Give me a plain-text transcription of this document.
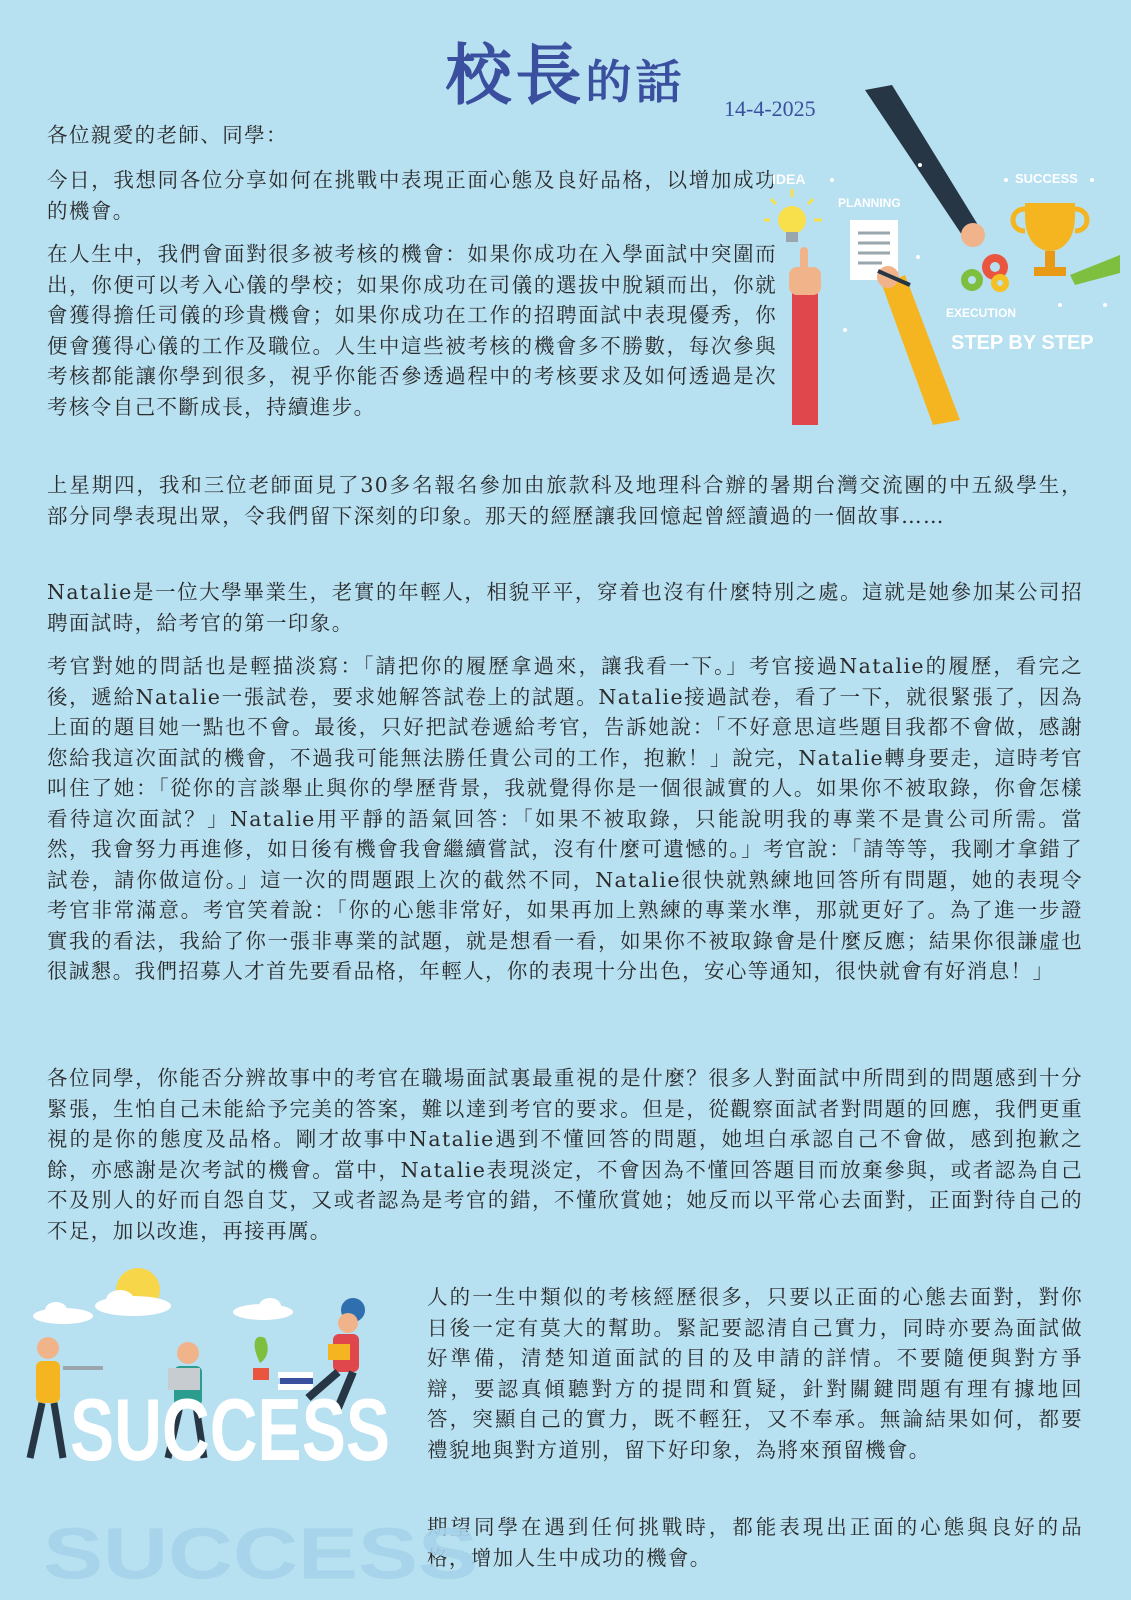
校長的話	14-4-2025

各位親愛的老師、同學：

今日，我想同各位分享如何在挑戰中表現正面心態及良好品格，以增加成功的機會。

在人生中，我們會面對很多被考核的機會：如果你成功在入學面試中突圍而出，你便可以考入心儀的學校；如果你成功在司儀的選拔中脫穎而出，你就會獲得擔任司儀的珍貴機會；如果你成功在工作的招聘面試中表現優秀，你便會獲得心儀的工作及職位。人生中這些被考核的機會多不勝數，每次參與考核都能讓你學到很多，視乎你能否參透過程中的考核要求及如何透過是次考核令自己不斷成長，持續進步。

上星期四，我和三位老師面見了30多名報名參加由旅款科及地理科合辦的暑期台灣交流團的中五級學生，部分同學表現出眾，令我們留下深刻的印象。那天的經歷讓我回憶起曾經讀過的一個故事……

Natalie是一位大學畢業生，老實的年輕人，相貌平平，穿着也沒有什麼特別之處。這就是她參加某公司招聘面試時，給考官的第一印象。

考官對她的問話也是輕描淡寫：「請把你的履歷拿過來，讓我看一下。」考官接過Natalie的履歷，看完之後，遞給Natalie一張試卷，要求她解答試卷上的試題。Natalie接過試卷，看了一下，就很緊張了，因為上面的題目她一點也不會。最後，只好把試卷遞給考官，告訴她說：「不好意思這些題目我都不會做，感謝您給我這次面試的機會，不過我可能無法勝任貴公司的工作，抱歉！」說完，Natalie轉身要走，這時考官叫住了她：「從你的言談舉止與你的學歷背景，我就覺得你是一個很誠實的人。如果你不被取錄，你會怎樣看待這次面試？」Natalie用平靜的語氣回答：「如果不被取錄，只能說明我的專業不是貴公司所需。當然，我會努力再進修，如日後有機會我會繼續嘗試，沒有什麼可遺憾的。」考官說：「請等等，我剛才拿錯了試卷，請你做這份。」這一次的問題跟上次的截然不同，Natalie很快就熟練地回答所有問題，她的表現令考官非常滿意。考官笑着說：「你的心態非常好，如果再加上熟練的專業水準，那就更好了。為了進一步證實我的看法，我給了你一張非專業的試題，就是想看一看，如果你不被取錄會是什麼反應；結果你很謙虛也很誠懇。我們招募人才首先要看品格，年輕人，你的表現十分出色，安心等通知，很快就會有好消息！」

各位同學，你能否分辨故事中的考官在職場面試裏最重視的是什麼？很多人對面試中所問到的問題感到十分緊張，生怕自己未能給予完美的答案，難以達到考官的要求。但是，從觀察面試者對問題的回應，我們更重視的是你的態度及品格。剛才故事中Natalie遇到不懂回答的問題，她坦白承認自己不會做，感到抱歉之餘，亦感謝是次考試的機會。當中，Natalie表現淡定，不會因為不懂回答題目而放棄參與，或者認為自己不及別人的好而自怨自艾，又或者認為是考官的錯，不懂欣賞她；她反而以平常心去面對，正面對待自己的不足，加以改進，再接再厲。

人的一生中類似的考核經歷很多，只要以正面的心態去面對，對你日後一定有莫大的幫助。緊記要認清自己實力，同時亦要為面試做好準備，清楚知道面試的目的及申請的詳情。不要隨便與對方爭辯，要認真傾聽對方的提問和質疑，針對關鍵問題有理有據地回答，突顯自己的實力，既不輕狂，又不奉承。無論結果如何，都要禮貌地與對方道別，留下好印象，為將來預留機會。

期望同學在遇到任何挑戰時，都能表現出正面的心態與良好的品格，增加人生中成功的機會。

IDEA
PLANNING
SUCCESS
EXECUTION
STEP BY STEP
SUCCESS
SUCCESS
